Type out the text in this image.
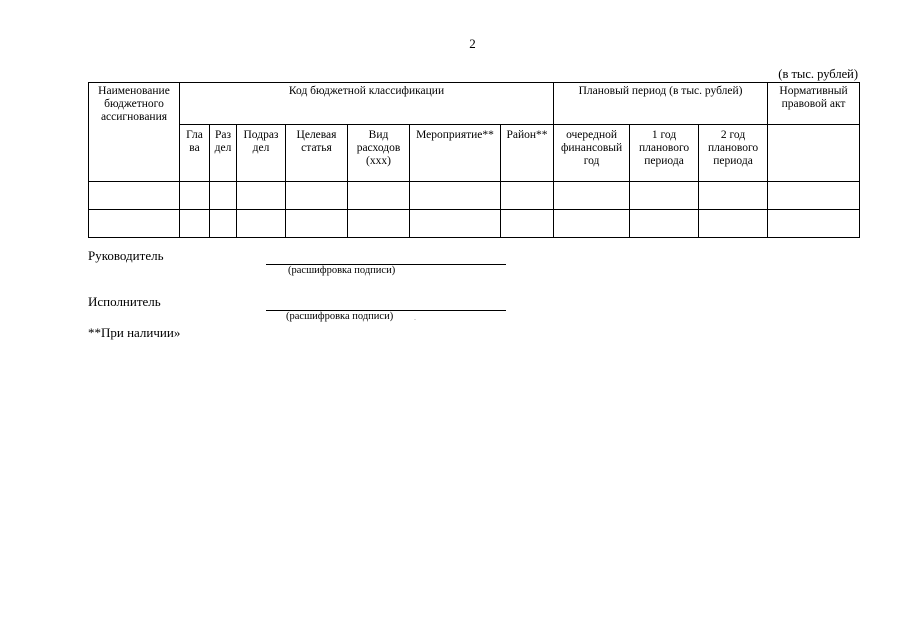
2
(в тыс. рублей)
Наименование бюджетного ассигнования	Код бюджетной классификации							Плановый период (в тыс. рублей)			Нормативный правовой акт
	Гла ва	Раз дел	Подраз дел	Целевая статья	Вид расходов (ххх)	Мероприятие**	Район**	очередной финансовый год	1 год планового периода	2 год планового периода	

Руководитель
(расшифровка подписи)
Исполнитель
(расшифровка подписи)	.
**При наличии»
